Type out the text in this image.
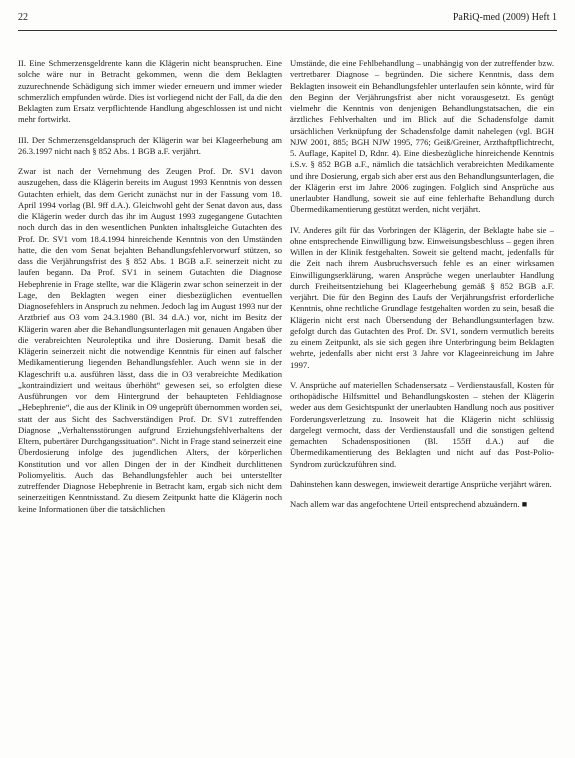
22	PaRiQ-med (2009) Heft 1

II. Eine Schmerzensgeldrente kann die Klägerin nicht beanspruchen. Eine solche wäre nur in Betracht gekommen, wenn die dem Beklagten zuzurechnende Schädigung sich immer wieder erneuern und immer wieder schmerzlich empfunden würde. Dies ist vorliegend nicht der Fall, da die den Beklagten zum Ersatz verpflichtende Handlung abgeschlossen ist und nicht mehr fortwirkt.

III. Der Schmerzensgeldanspruch der Klägerin war bei Klageerhebung am 26.3.1997 nicht nach § 852 Abs. 1 BGB a.F. verjährt.

Zwar ist nach der Vernehmung des Zeugen Prof. Dr. SV1 davon auszugehen, dass die Klägerin bereits im August 1993 Kenntnis von dessen Gutachten erhielt, das dem Gericht zunächst nur in der Fassung vom 18. April 1994 vorlag (Bl. 9ff d.A.). Gleichwohl geht der Senat davon aus, dass die Klägerin weder durch das ihr im August 1993 zugegangene Gutachten noch durch das in den wesentlichen Punkten inhaltsgleiche Gutachten des Prof. Dr. SV1 vom 18.4.1994 hinreichende Kenntnis von den Umständen hatte, die den vom Senat bejahten Behandlungsfehlervorwurf stützen, so dass die Verjährungsfrist des § 852 Abs. 1 BGB a.F. seinerzeit nicht zu laufen begann. Da Prof. SV1 in seinem Gutachten die Diagnose Hebephrenie in Frage stellte, war die Klägerin zwar schon seinerzeit in der Lage, den Beklagten wegen einer diesbezüglichen eventuellen Diagnosefehlers in Anspruch zu nehmen. Jedoch lag im August 1993 nur der Arztbrief aus O3 vom 24.3.1980 (Bl. 34 d.A.) vor, nicht im Besitz der Klägerin waren aber die Behandlungsunterlagen mit genauen Angaben über die verabreichten Neuroleptika und ihre Dosierung. Damit besaß die Klägerin seinerzeit nicht die notwendige Kenntnis für einen auf falscher Medikamentierung liegenden Behandlungsfehler. Auch wenn sie in der Klageschrift u.a. ausführen lässt, dass die in O3 verabreichte Medikation „kontraindiziert und weitaus überhöht“ gewesen sei, so erfolgten diese Ausführungen vor dem Hintergrund der behaupteten Fehldiagnose „Hebephrenie“, die aus der Klinik in O9 ungeprüft übernommen worden sei, statt der aus Sicht des Sachverständigen Prof. Dr. SV1 zutreffenden Diagnose „Verhaltensstörungen aufgrund Erziehungsfehlverhaltens der Eltern, pubertärer Durchgangssituation“. Nicht in Frage stand seinerzeit eine Überdosierung infolge des jugendlichen Alters, der körperlichen Konstitution und vor allen Dingen der in der Kindheit durchlittenen Poliomyelitis. Auch das Behandlungsfehler auch bei unterstellter zutreffender Diagnose Hebephrenie in Betracht kam, ergab sich nicht dem seinerzeitigen Kenntnisstand. Zu diesem Zeitpunkt hatte die Klägerin noch keine Informationen über die tatsächlichen

Umstände, die eine Fehlbehandlung – unabhängig von der zutreffender bzw. vertretbarer Diagnose – begründen. Die sichere Kenntnis, dass dem Beklagten insoweit ein Behandlungsfehler unterlaufen sein könnte, wird für den Beginn der Verjährungsfrist aber nicht vorausgesetzt. Es genügt vielmehr die Kenntnis von denjenigen Behandlungstatsachen, die ein ärztliches Fehlverhalten und im Blick auf die Schadensfolge damit ursächlichen Verknüpfung der Schadensfolge damit nahelegen (vgl. BGH NJW 2001, 885; BGH NJW 1995, 776; Geiß/Greiner, Arzthaftpflichtrecht, 5. Auflage, Kapitel D, Rdnr. 4). Eine diesbezügliche hinreichende Kenntnis i.S.v. § 852 BGB a.F., nämlich die tatsächlich verabreichten Medikamente und ihre Dosierung, ergab sich aber erst aus den Behandlungsunterlagen, die der Klägerin erst im Jahre 2006 zugingen. Folglich sind Ansprüche aus unerlaubter Handlung, soweit sie auf eine fehlerhafte Behandlung durch Übermedikamentierung gestützt werden, nicht verjährt.

IV. Anderes gilt für das Vorbringen der Klägerin, der Beklagte habe sie – ohne entsprechende Einwilligung bzw. Einweisungsbeschluss – gegen ihren Willen in der Klinik festgehalten. Soweit sie geltend macht, jedenfalls für die Zeit nach ihrem Ausbruchsversuch fehle es an einer wirksamen Einwilligungserklärung, waren Ansprüche wegen unerlaubter Handlung durch Freiheitsentziehung bei Klageerhebung gemäß § 852 BGB a.F. verjährt. Die für den Beginn des Laufs der Verjährungsfrist erforderliche Kenntnis, ohne rechtliche Grundlage festgehalten worden zu sein, besaß die Klägerin nicht erst nach Übersendung der Behandlungsunterlagen bzw. gefolgt durch das Gutachten des Prof. Dr. SV1, sondern vermutlich bereits zu einem Zeitpunkt, als sie sich gegen ihre Unterbringung beim Beklagten wehrte, jedenfalls aber nicht erst 3 Jahre vor Klageeinreichung im Jahre 1997.

V. Ansprüche auf materiellen Schadensersatz – Verdienstausfall, Kosten für orthopädische Hilfsmittel und Behandlungskosten – stehen der Klägerin weder aus dem Gesichtspunkt der unerlaubten Handlung noch aus positiver Forderungsverletzung zu. Insoweit hat die Klägerin nicht schlüssig dargelegt vermocht, dass der Verdienstausfall und die sonstigen geltend gemachten Schadenspositionen (Bl. 155ff d.A.) auf die Übermedikamentierung des Beklagten und nicht auf das Post-Polio-Syndrom zurückzuführen sind.

Dahinstehen kann deswegen, inwieweit derartige Ansprüche verjährt wären.

Nach allem war das angefochtene Urteil entsprechend abzuändern. ■
